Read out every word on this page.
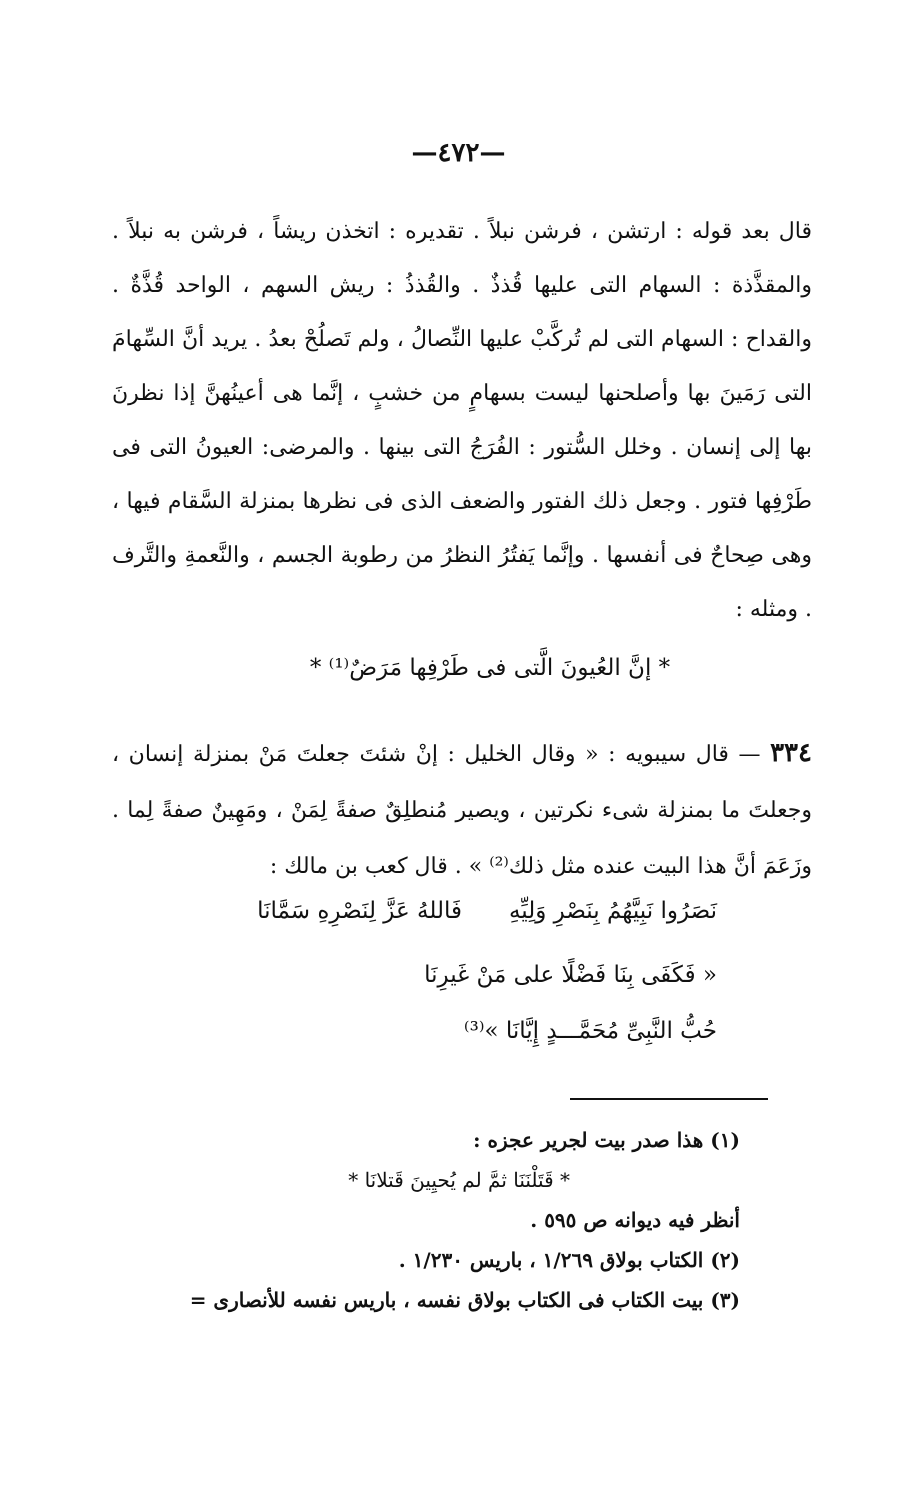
—٤٧٢—
قال بعد قوله : ارتشن ، فرشن نبلاً . تقديره : اتخذن ريشاً ، فرشن به نبلاً . والمقذَّذة : السهام التى عليها قُذذٌ . والقُذذُ : ريش السهم ، الواحد قُذَّةٌ . والقداح : السهام التى لم تُركَّبْ عليها النِّصالُ ، ولم تَصلُحْ بعدُ . يريد أنَّ السِّهامَ التى رَمَينَ بها وأصلحنها ليست بسهامٍ من خشبٍ ، إنَّما هى أعينُهنَّ إذا نظرنَ بها إلى إنسان . وخلل السُّتور : الفُرَجُ التى بينها . والمرضى: العيونُ التى فى طَرْفِها فتور . وجعل ذلك الفتور والضعف الذى فى نظرها بمنزلة السَّقام فيها ، وهى صِحاحٌ فى أنفسها . وإنَّما يَفتُرُ النظرُ من رطوبة الجسم ، والنَّعمةِ والتَّرف . ومثله :
* إنَّ العُيونَ الَّتى فى طَرْفِها مَرَضٌ⁽¹⁾ *
٣٣٤ — قال سيبويه : « وقال الخليل : إنْ شئتَ جعلتَ مَنْ بمنزلة إنسان ، وجعلتَ ما بمنزلة شىء نكرتين ، ويصير مُنطلِقٌ صفةً لِمَنْ ، ومَهِينٌ صفةً لِما . وزَعَمَ أنَّ هذا البيت عنده مثل ذلك⁽²⁾ » . قال كعب بن مالك :
نَصَرُوا نَبِيَّهُمُ بِنَصْرِ وَلِيِّهِ
فَاللهُ عَزَّ لِنَصْرِهِ سَمَّانَا
« فَكَفَى بِنَا فَضْلًا على مَنْ غَيرِنَا
حُبُّ النَّبِىِّ مُحَمَّـــدٍ إِيَّانَا »⁽³⁾
(١) هذا صدر بيت لجرير عجزه :
* قَتَلْنَنَا ثمَّ لم يُحيِينَ قَتلانَا *
أنظر فيه ديوانه ص ٥٩٥ .
(٢) الكتاب بولاق ١/٢٦٩ ، باريس ١/٢٣٠ .
(٣) بيت الكتاب فى الكتاب بولاق نفسه ، باريس نفسه للأنصارى =
